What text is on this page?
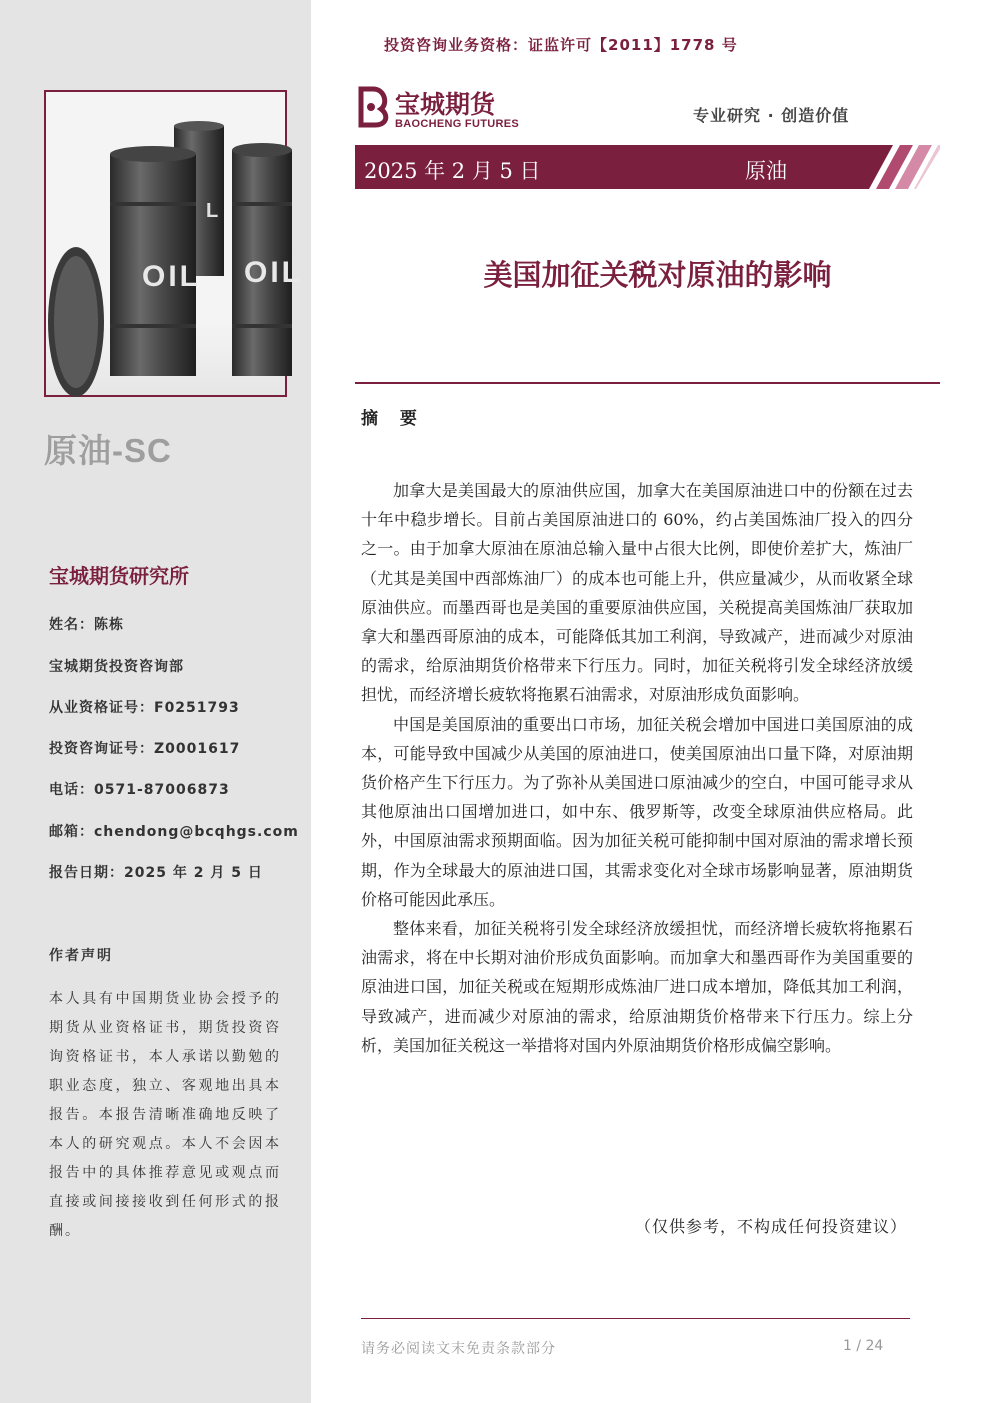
OIL OIL
L
原油-SC
宝城期货研究所
姓名：陈栋
宝城期货投资咨询部
从业资格证号：F0251793
投资咨询证号：Z0001617
电话：0571-87006873
邮箱：chendong@bcqhgs.com
报告日期：2025 年 2 月 5 日
作者声明
本人具有中国期货业协会授予的期货从业资格证书，期货投资咨询资格证书，本人承诺以勤勉的职业态度，独立、客观地出具本报告。本报告清晰准确地反映了本人的研究观点。本人不会因本报告中的具体推荐意见或观点而直接或间接接收到任何形式的报酬。
投资咨询业务资格：证监许可【2011】1778 号
宝城期货
BAOCHENG FUTURES	专业研究 · 创造价值
2025 年 2 月 5 日	原油
美国加征关税对原油的影响
摘 要

加拿大是美国最大的原油供应国，加拿大在美国原油进口中的份额在过去十年中稳步增长。目前占美国原油进口的 60%，约占美国炼油厂投入的四分之一。由于加拿大原油在原油总输入量中占很大比例，即使价差扩大，炼油厂（尤其是美国中西部炼油厂）的成本也可能上升，供应量减少，从而收紧全球原油供应。而墨西哥也是美国的重要原油供应国，关税提高美国炼油厂获取加拿大和墨西哥原油的成本，可能降低其加工利润，导致减产，进而减少对原油的需求，给原油期货价格带来下行压力。同时，加征关税将引发全球经济放缓担忧，而经济增长疲软将拖累石油需求，对原油形成负面影响。

中国是美国原油的重要出口市场，加征关税会增加中国进口美国原油的成本，可能导致中国减少从美国的原油进口，使美国原油出口量下降，对原油期货价格产生下行压力。为了弥补从美国进口原油减少的空白，中国可能寻求从其他原油出口国增加进口，如中东、俄罗斯等，改变全球原油供应格局。此外，中国原油需求预期面临。因为加征关税可能抑制中国对原油的需求增长预期，作为全球最大的原油进口国，其需求变化对全球市场影响显著，原油期货价格可能因此承压。

整体来看，加征关税将引发全球经济放缓担忧，而经济增长疲软将拖累石油需求，将在中长期对油价形成负面影响。而加拿大和墨西哥作为美国重要的原油进口国，加征关税或在短期形成炼油厂进口成本增加，降低其加工利润，导致减产，进而减少对原油的需求，给原油期货价格带来下行压力。综上分析，美国加征关税这一举措将对国内外原油期货价格形成偏空影响。

（仅供参考，不构成任何投资建议）
请务必阅读文末免责条款部分	1 / 24
